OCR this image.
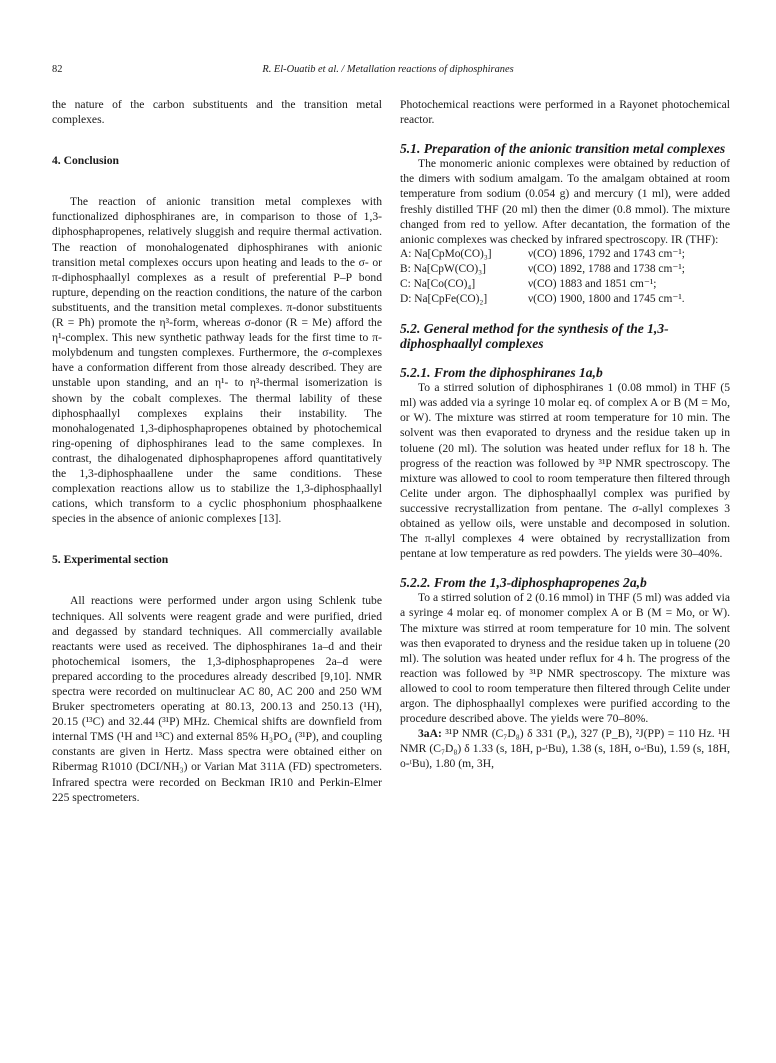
82	R. El-Ouatib et al. / Metallation reactions of diphosphiranes

the nature of the carbon substituents and the transition metal complexes.

4. Conclusion

The reaction of anionic transition metal complexes with functionalized diphosphiranes are, in comparison to those of 1,3-diphosphapropenes, relatively sluggish and require thermal activation. The reaction of monohalogenated diphosphiranes with anionic transition metal complexes occurs upon heating and leads to the σ- or π-diphosphaallyl complexes as a result of preferential P–P bond rupture, depending on the reaction conditions, the nature of the carbon substituents, and the transition metal complexes. π-donor substituents (R = Ph) promote the η³-form, whereas σ-donor (R = Me) afford the η¹-complex. This new synthetic pathway leads for the first time to π-molybdenum and tungsten complexes. Furthermore, the σ-complexes have a conformation different from those already described. They are unstable upon standing, and an η¹- to η³-thermal isomerization is shown by the cobalt complexes. The thermal lability of these diphosphaallyl complexes explains their instability. The monohalogenated 1,3-diphosphapropenes obtained by photochemical ring-opening of diphosphiranes lead to the same complexes. In contrast, the dihalogenated diphosphapropenes afford quantitatively the 1,3-diphosphaallene under the same conditions. These complexation reactions allow us to stabilize the 1,3-diphosphaallyl cations, which transform to a cyclic phosphonium phosphaalkene species in the absence of anionic complexes [13].

5. Experimental section

All reactions were performed under argon using Schlenk tube techniques. All solvents were reagent grade and were purified, dried and degassed by standard techniques. All commercially available reactants were used as received. The diphosphiranes 1a–d and their photochemical isomers, the 1,3-diphosphapropenes 2a–d were prepared according to the procedures already described [9,10]. NMR spectra were recorded on multinuclear AC 80, AC 200 and 250 WM Bruker spectrometers operating at 80.13, 200.13 and 250.13 (¹H), 20.15 (¹³C) and 32.44 (³¹P) MHz. Chemical shifts are downfield from internal TMS (¹H and ¹³C) and external 85% H₃PO₄ (³¹P), and coupling constants are given in Hertz. Mass spectra were obtained either on Ribermag R1010 (DCI/NH₃) or Varian Mat 311A (FD) spectrometers. Infrared spectra were recorded on Beckman IR10 and Perkin-Elmer 225 spectrometers.

Photochemical reactions were performed in a Rayonet photochemical reactor.

5.1. Preparation of the anionic transition metal complexes

The monomeric anionic complexes were obtained by reduction of the dimers with sodium amalgam. To the amalgam obtained at room temperature from sodium (0.054 g) and mercury (1 ml), were added freshly distilled THF (20 ml) then the dimer (0.8 mmol). The mixture changed from red to yellow. After decantation, the formation of the anionic complexes was checked by infrared spectroscopy. IR (THF):

A: Na[CpMo(CO)₃]	ν(CO) 1896, 1792 and 1743 cm⁻¹;
B: Na[CpW(CO)₃]	ν(CO) 1892, 1788 and 1738 cm⁻¹;
C: Na[Co(CO)₄]	ν(CO) 1883 and 1851 cm⁻¹;
D: Na[CpFe(CO)₂]	ν(CO) 1900, 1800 and 1745 cm⁻¹.
5.2. General method for the synthesis of the 1,3-diphosphaallyl complexes
5.2.1. From the diphosphiranes 1a,b

To a stirred solution of diphosphiranes 1 (0.08 mmol) in THF (5 ml) was added via a syringe 10 molar eq. of complex A or B (M = Mo, or W). The mixture was stirred at room temperature for 10 min. The solvent was then evaporated to dryness and the residue taken up in toluene (20 ml). The solution was heated under reflux for 18 h. The progress of the reaction was followed by ³¹P NMR spectroscopy. The mixture was allowed to cool to room temperature then filtered through Celite under argon. The diphosphaallyl complex was purified by successive recrystallization from pentane. The σ-allyl complexes 3 obtained as yellow oils, were unstable and decomposed in solution. The π-allyl complexes 4 were obtained by recrystallization from pentane at low temperature as red powders. The yields were 30–40%.

5.2.2. From the 1,3-diphosphapropenes 2a,b

To a stirred solution of 2 (0.16 mmol) in THF (5 ml) was added via a syringe 4 molar eq. of monomer complex A or B (M = Mo, or W). The mixture was stirred at room temperature for 10 min. The solvent was then evaporated to dryness and the residue taken up in toluene (20 ml). The solution was heated under reflux for 4 h. The progress of the reaction was followed by ³¹P NMR spectroscopy. The mixture was allowed to cool to room temperature then filtered through Celite under argon. The diphosphaallyl complexes were purified according to the procedure described above. The yields were 70–80%.

3aA: ³¹P NMR (C₇D₈) δ 331 (Pₐ), 327 (P_B), ²J(PP) = 110 Hz. ¹H NMR (C₇D₈) δ 1.33 (s, 18H, p-ᵗBu), 1.38 (s, 18H, o-ᵗBu), 1.59 (s, 18H, o-ᵗBu), 1.80 (m, 3H,
